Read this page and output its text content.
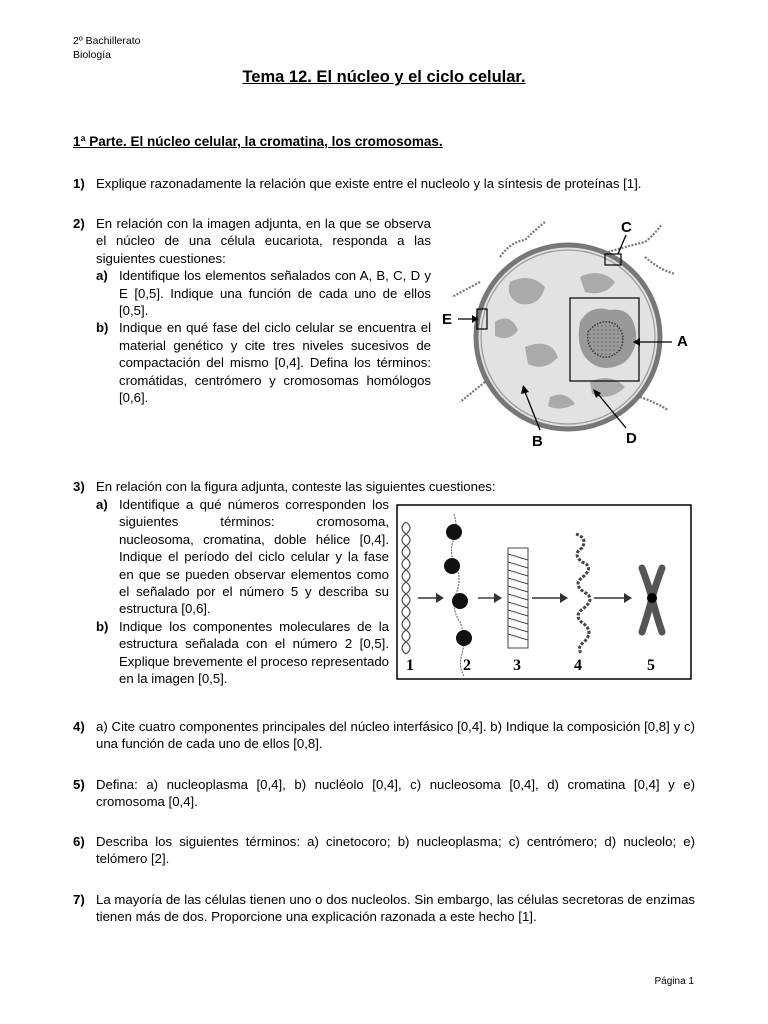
2º Bachillerato
Biología
Tema 12. El núcleo y el ciclo celular.
1ª Parte. El núcleo celular, la cromatina, los cromosomas.
1) Explique razonadamente la relación que existe entre el nucleolo y la síntesis de proteínas [1].
2) En relación con la imagen adjunta, en la que se observa el núcleo de una célula eucariota, responda a las siguientes cuestiones:
a) Identifique los elementos señalados con A, B, C, D y E [0,5]. Indique una función de cada uno de ellos [0,5].
b) Indique en qué fase del ciclo celular se encuentra el material genético y cite tres niveles sucesivos de compactación del mismo [0,4]. Defina los términos: cromátidas, centrómero y cromosomas homólogos [0,6].
A
B
C
D
E
3) En relación con la figura adjunta, conteste las siguientes cuestiones:
a) Identifique a qué números corresponden los siguientes términos: cromosoma, nucleosoma, cromatina, doble hélice [0,4]. Indique el período del ciclo celular y la fase en que se pueden observar elementos como el señalado por el número 5 y describa su estructura [0,6].
b) Indique los componentes moleculares de la estructura señalada con el número 2 [0,5]. Explique brevemente el proceso representado en la imagen [0,5].
1	2	3	4	5
4) a) Cite cuatro componentes principales del núcleo interfásico [0,4]. b) Indique la composición [0,8] y c) una función de cada uno de ellos [0,8].
5) Defina: a) nucleoplasma [0,4], b) nucléolo [0,4], c) nucleosoma [0,4], d) cromatina [0,4] y e) cromosoma [0,4].
6) Describa los siguientes términos: a) cinetocoro; b) nucleoplasma; c) centrómero; d) nucleolo; e) telómero [2].
7) La mayoría de las células tienen uno o dos nucleolos. Sin embargo, las células secretoras de enzimas tienen más de dos. Proporcione una explicación razonada a este hecho [1].
Página 1
